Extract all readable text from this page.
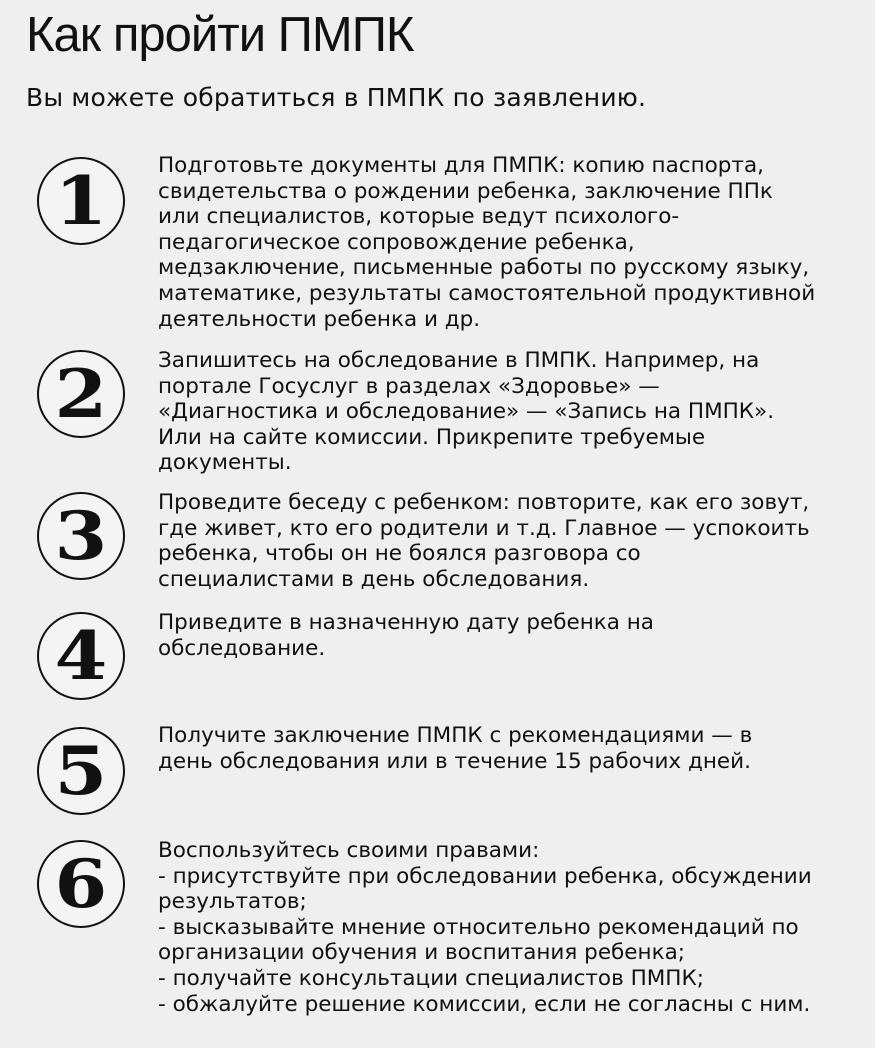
Как пройти ПМПК
Вы можете обратиться в ПМПК по заявлению.
1 Подготовьте документы для ПМПК: копию паспорта,
свидетельства о рождении ребенка, заключение ППк
или специалистов, которые ведут психолого-
педагогическое сопровождение ребенка,
медзаключение, письменные работы по русскому языку,
математике, результаты самостоятельной продуктивной
деятельности ребенка и др.
2 Запишитесь на обследование в ПМПК. Например, на
портале Госуслуг в разделах «Здоровье» —
«Диагностика и обследование» — «Запись на ПМПК».
Или на сайте комиссии. Прикрепите требуемые
документы.
3 Проведите беседу с ребенком: повторите, как его зовут,
где живет, кто его родители и т.д. Главное — успокоить
ребенка, чтобы он не боялся разговора со
специалистами в день обследования.
4 Приведите в назначенную дату ребенка на
обследование.
5 Получите заключение ПМПК с рекомендациями — в
день обследования или в течение 15 рабочих дней.
6 Воспользуйтесь своими правами:
- присутствуйте при обследовании ребенка, обсуждении
результатов;
- высказывайте мнение относительно рекомендаций по
организации обучения и воспитания ребенка;
- получайте консультации специалистов ПМПК;
- обжалуйте решение комиссии, если не согласны с ним.
